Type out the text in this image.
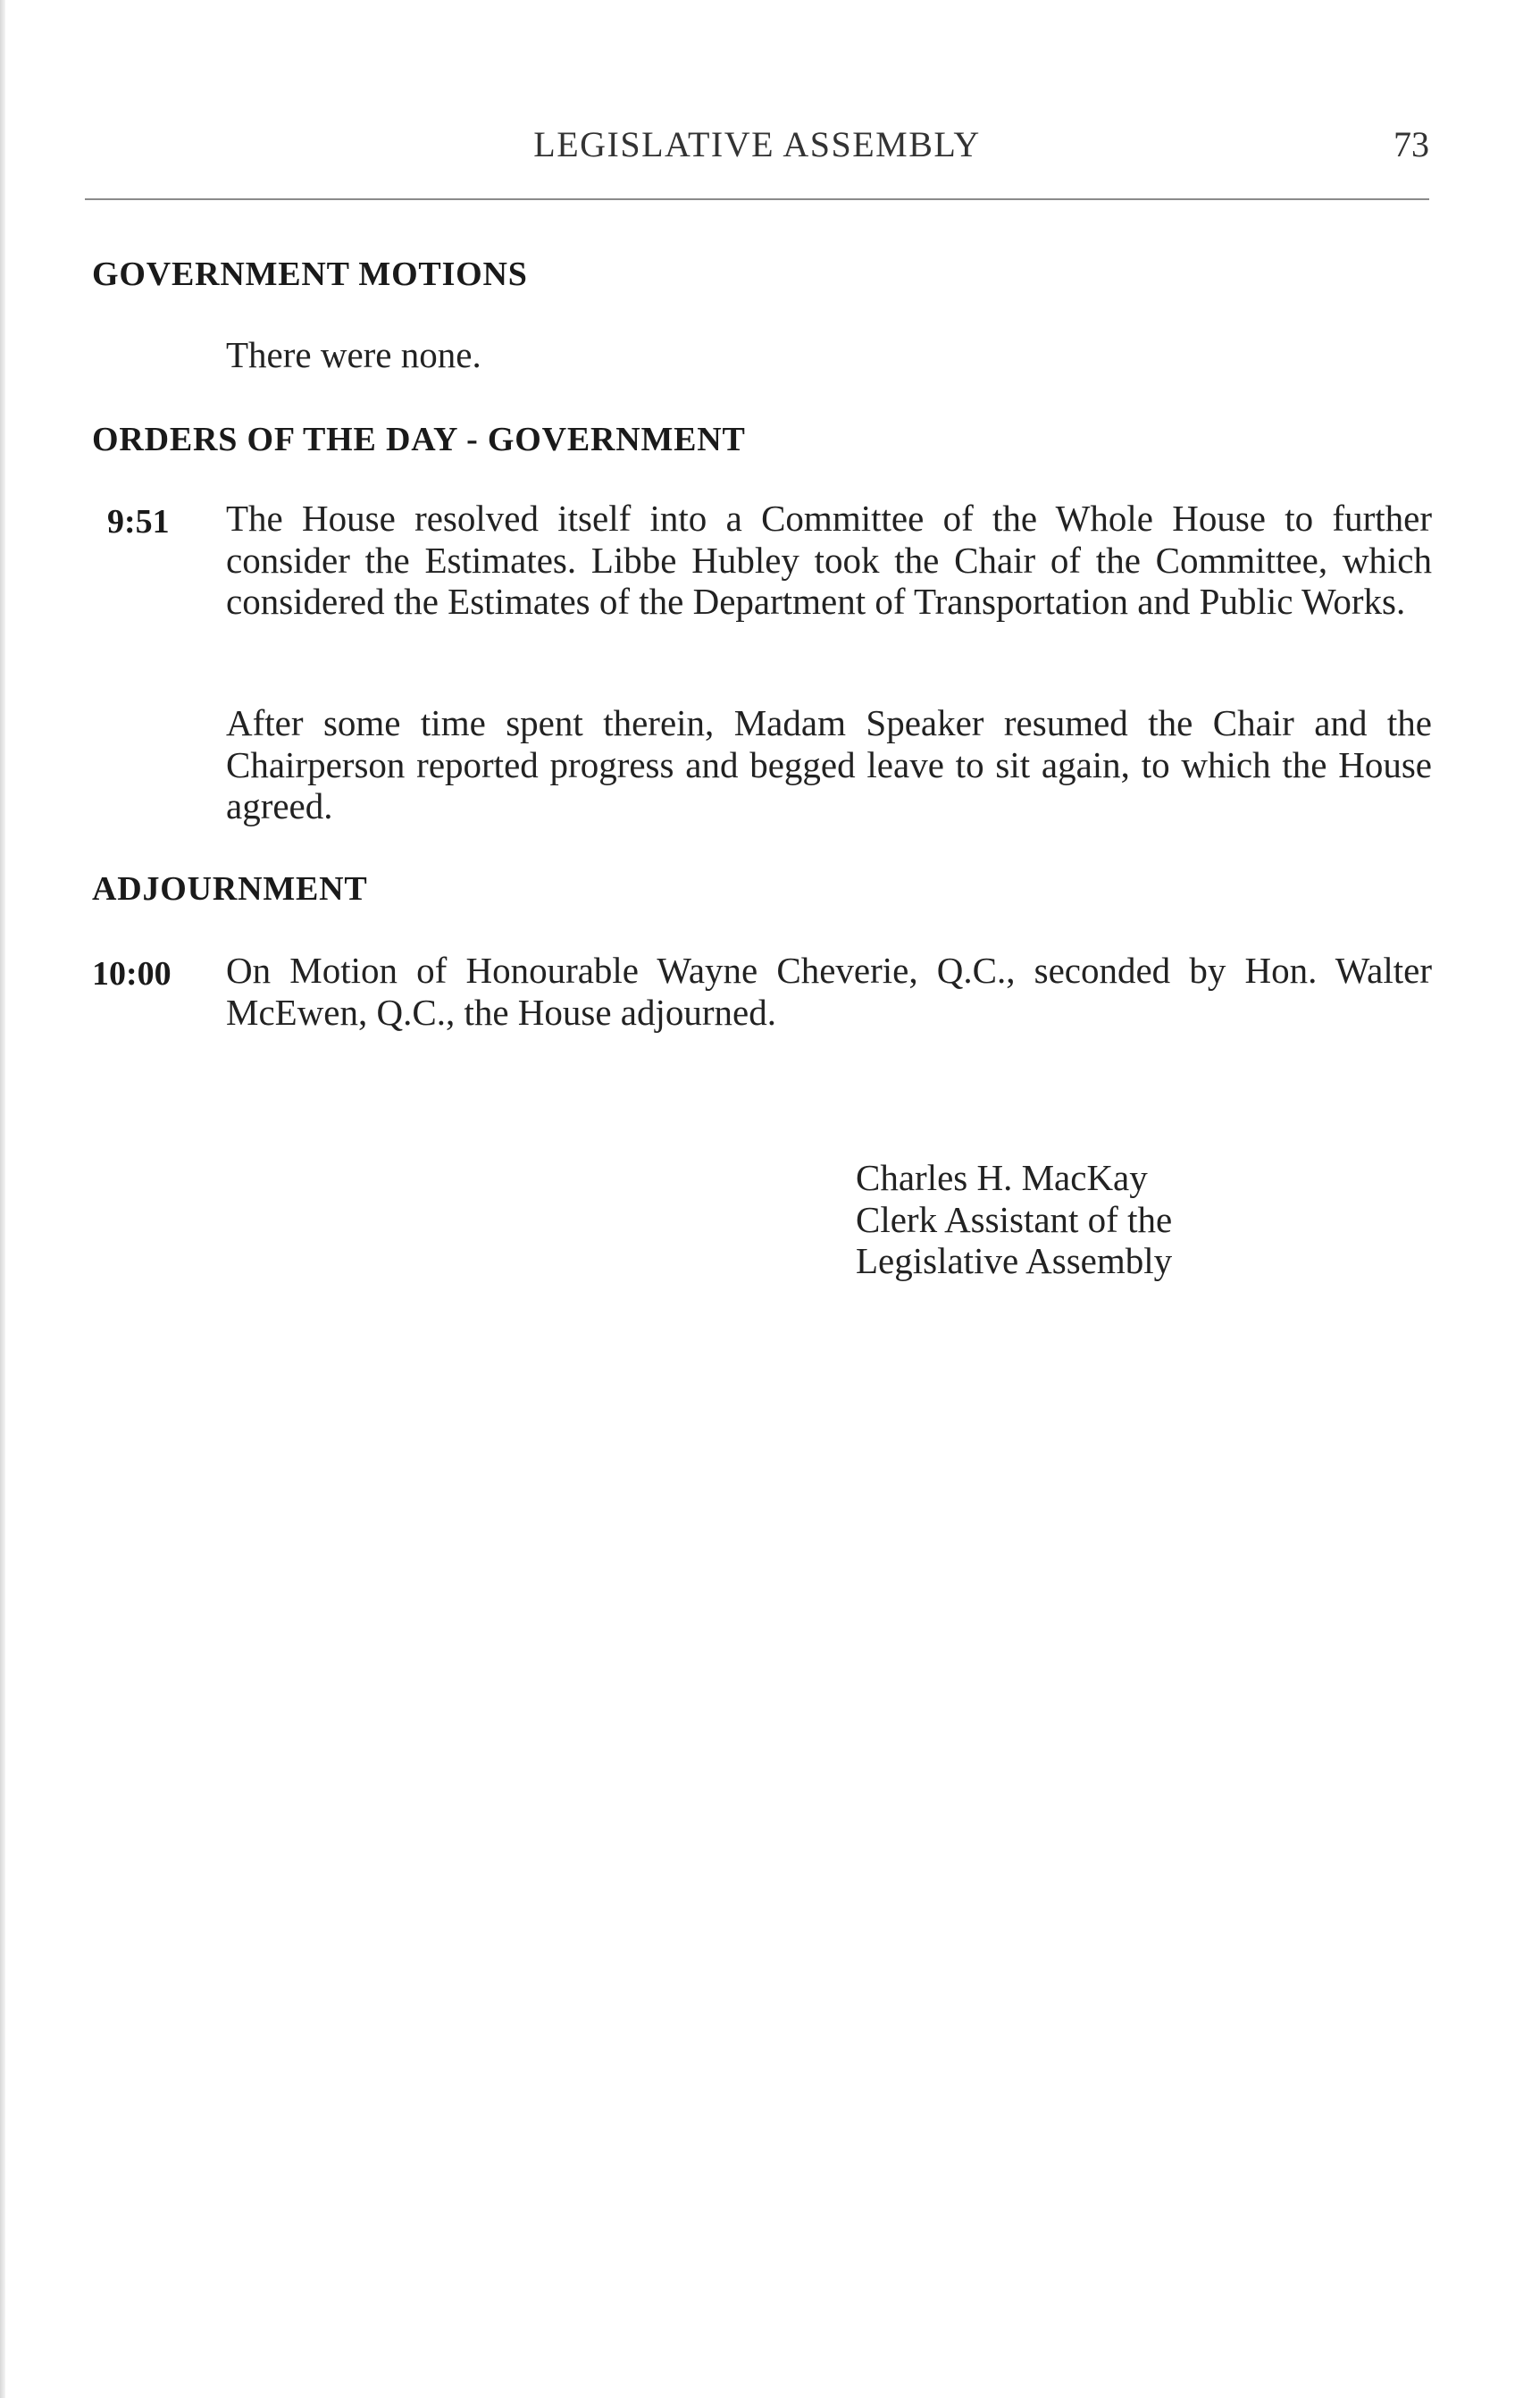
LEGISLATIVE ASSEMBLY	73
GOVERNMENT MOTIONS
There were none.
ORDERS OF THE DAY - GOVERNMENT
9:51 The House resolved itself into a Committee of the Whole House to further consider the Estimates. Libbe Hubley took the Chair of the Committee, which considered the Estimates of the Department of Transportation and Public Works.
After some time spent therein, Madam Speaker resumed the Chair and the Chairperson reported progress and begged leave to sit again, to which the House agreed.
ADJOURNMENT
10:00 On Motion of Honourable Wayne Cheverie, Q.C., seconded by Hon. Walter McEwen, Q.C., the House adjourned.
Charles H. MacKay
Clerk Assistant of the
Legislative Assembly
